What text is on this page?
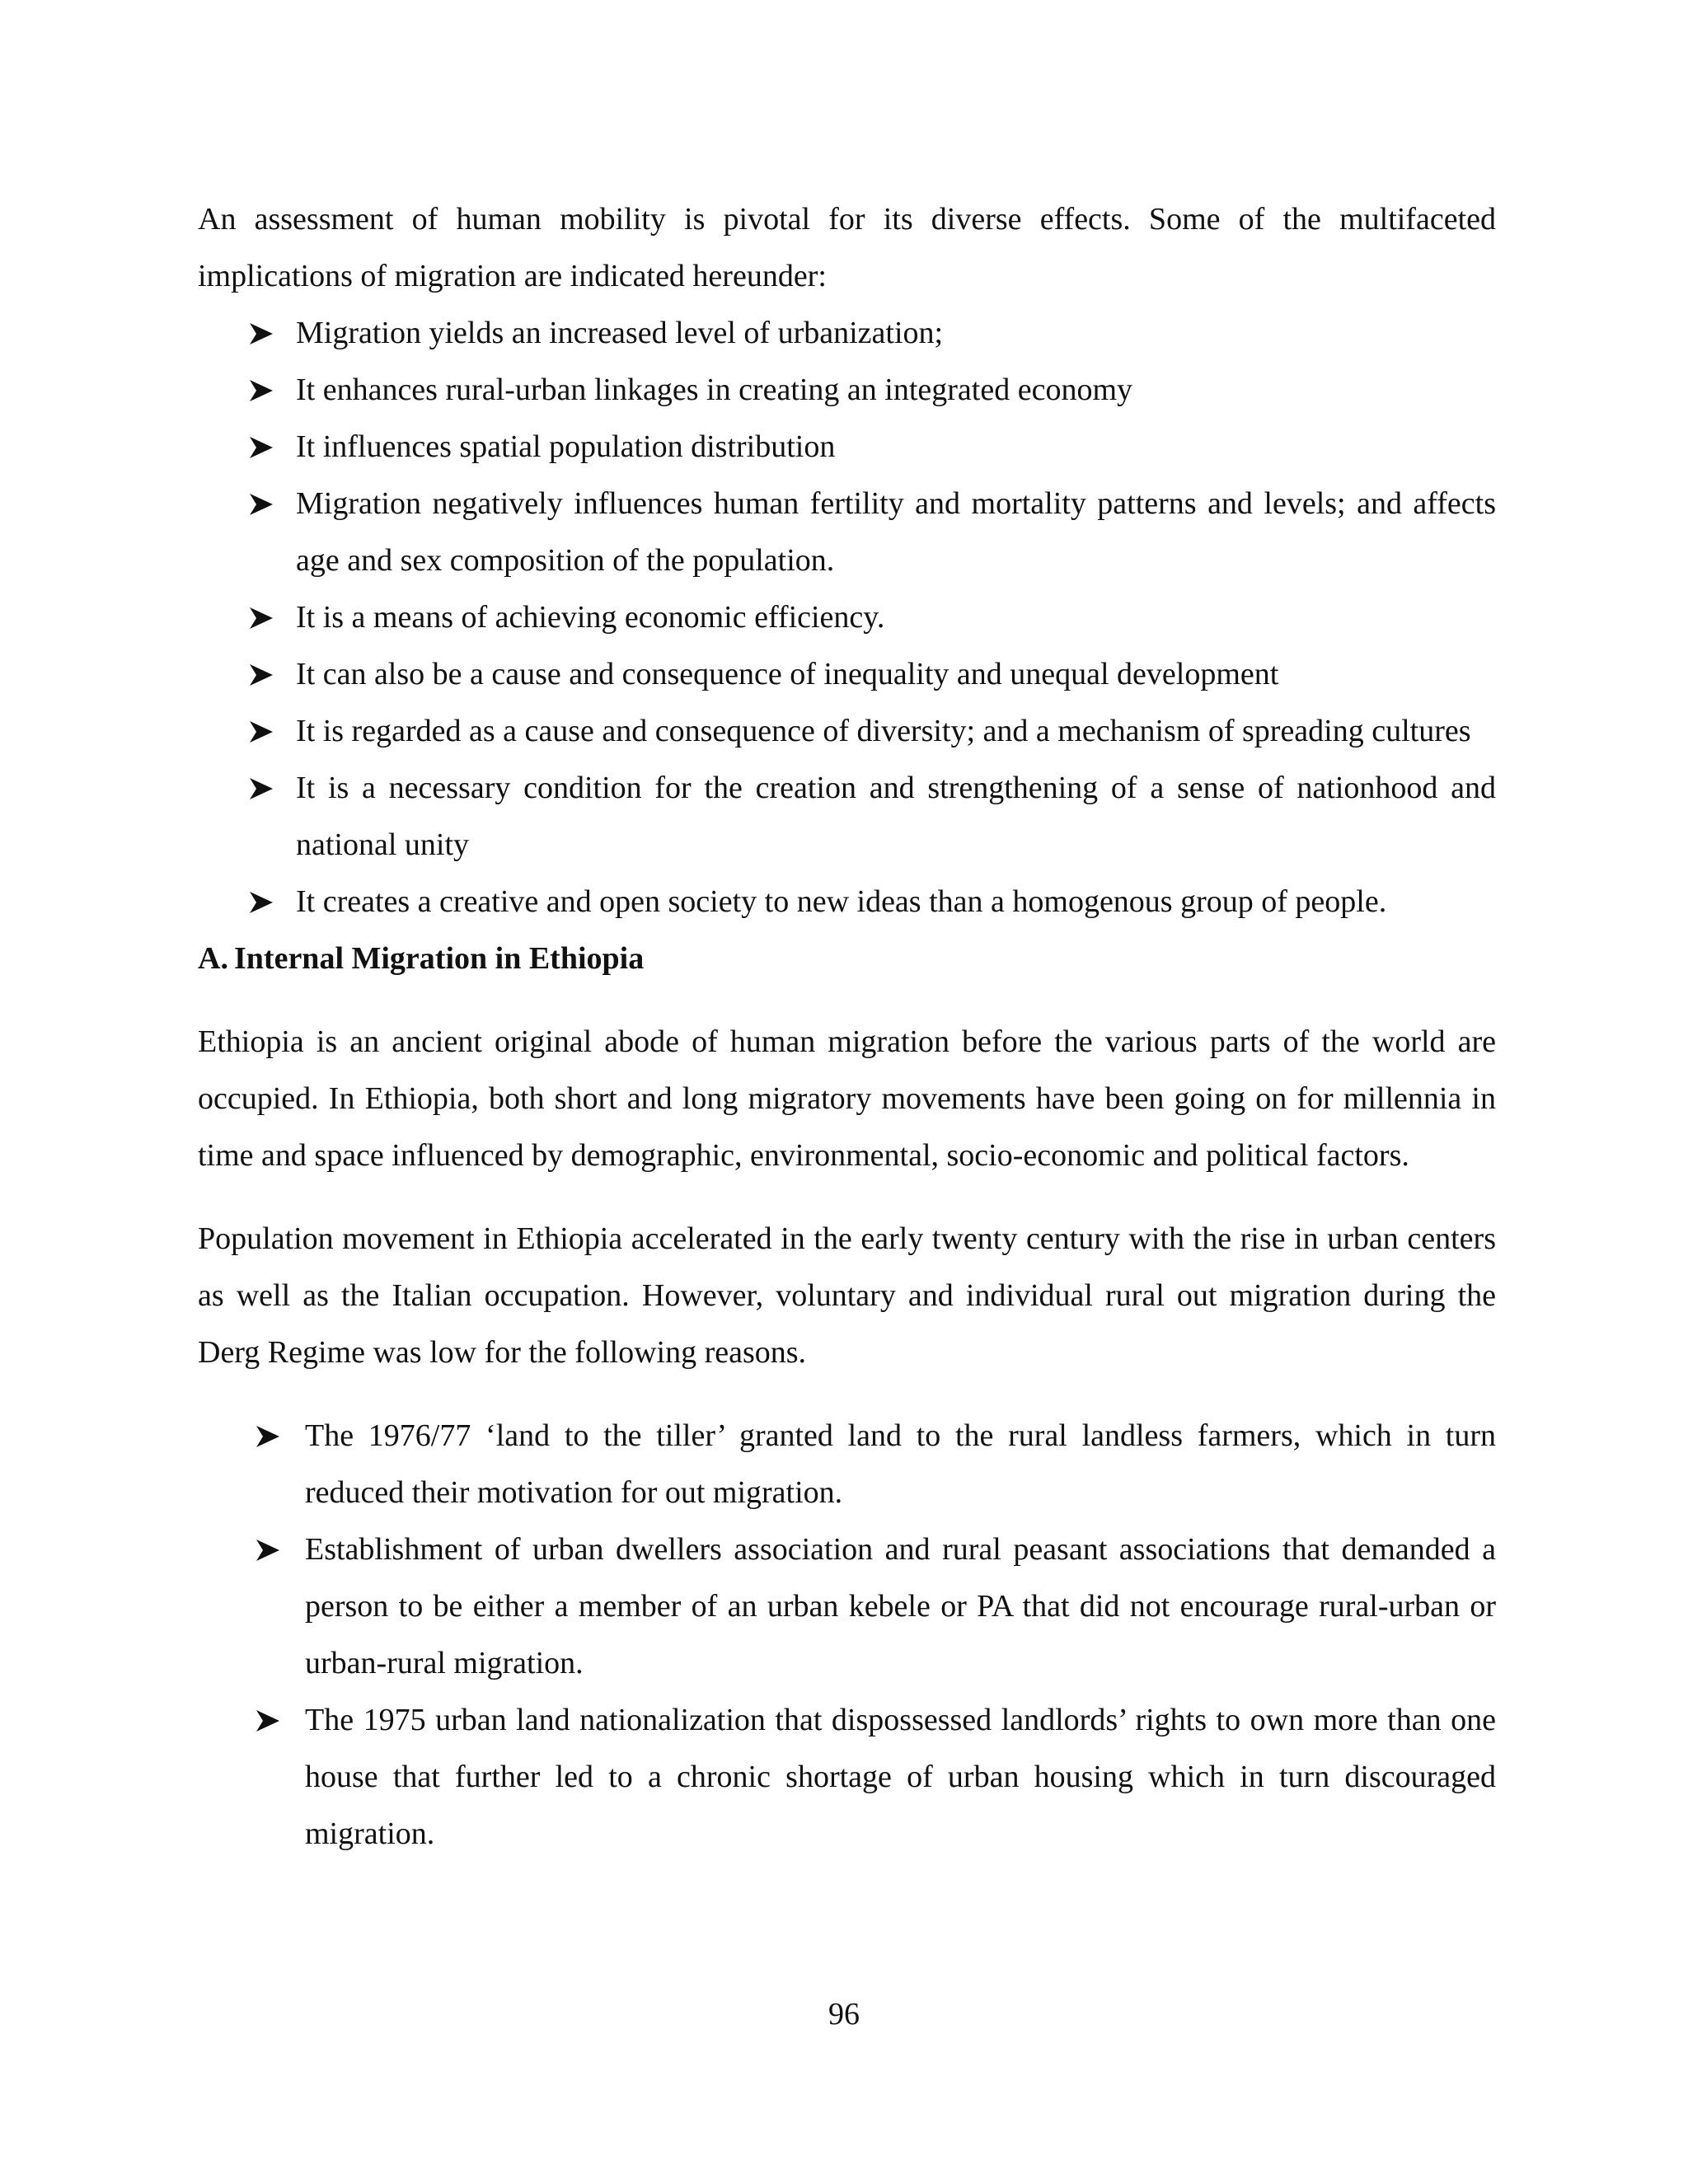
An assessment of human mobility is pivotal for its diverse effects. Some of the multifaceted implications of migration are indicated hereunder:

Migration yields an increased level of urbanization;
It enhances rural-urban linkages in creating an integrated economy
It influences spatial population distribution
Migration negatively influences human fertility and mortality patterns and levels; and affects age and sex composition of the population.
It is a means of achieving economic efficiency.
It can also be a cause and consequence of inequality and unequal development
It is regarded as a cause and consequence of diversity; and a mechanism of spreading cultures
It is a necessary condition for the creation and strengthening of a sense of nationhood and national unity
It creates a creative and open society to new ideas than a homogenous group of people.
A. Internal Migration in Ethiopia

Ethiopia is an ancient original abode of human migration before the various parts of the world are occupied. In Ethiopia, both short and long migratory movements have been going on for millennia in time and space influenced by demographic, environmental, socio-economic and political factors.

Population movement in Ethiopia accelerated in the early twenty century with the rise in urban centers as well as the Italian occupation. However, voluntary and individual rural out migration during the Derg Regime was low for the following reasons.

The 1976/77 ‘land to the tiller’ granted land to the rural landless farmers, which in turn reduced their motivation for out migration.
Establishment of urban dwellers association and rural peasant associations that demanded a person to be either a member of an urban kebele or PA that did not encourage rural-urban or urban-rural migration.
The 1975 urban land nationalization that dispossessed landlords’ rights to own more than one house that further led to a chronic shortage of urban housing which in turn discouraged migration.
96
